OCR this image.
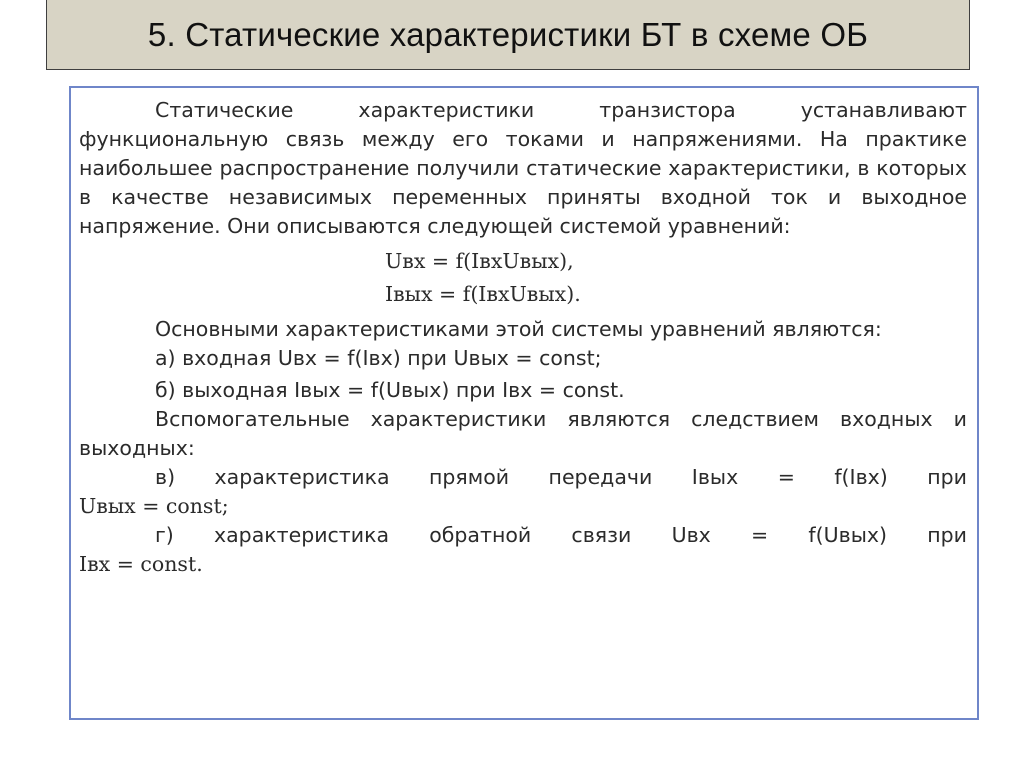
5. Статические характеристики БТ в схеме ОБ

Статические характеристики транзистора устанавливают функциональную связь между его токами и напряжениями. На практике наибольшее распространение получили статические характеристики, в которых в качестве независимых переменных приняты входной ток и выходное напряжение. Они описываются следующей системой уравнений:

Uвх = f(IвхUвых),

Iвых = f(IвхUвых).

Основными характеристиками этой системы уравнений являются:

а) входная Uвх = f(Iвх) при Uвых = const;

б) выходная Iвых = f(Uвых) при Iвх = const.

Вспомогательные характеристики являются следствием входных и выходных:

в) характеристика прямой передачи Iвых = f(Iвх) при

Uвых = const;

г) характеристика обратной связи Uвх = f(Uвых) при

Iвх = const.
